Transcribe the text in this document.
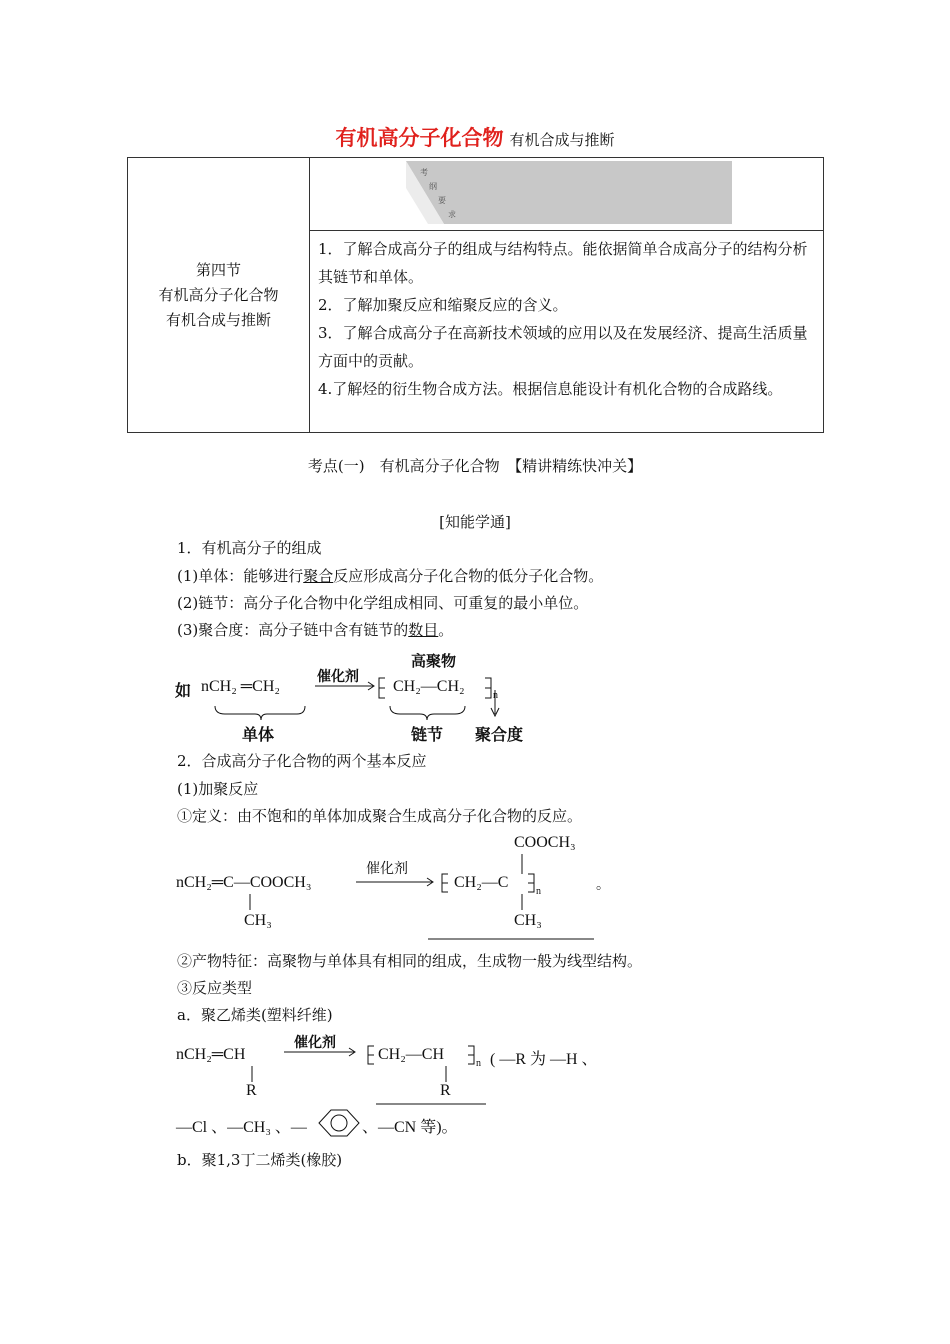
有机高分子化合物 有机合成与推断
第四节
有机高分子化合物
有机合成与推断

考
纲
要
求

1．了解合成高分子的组成与结构特点。能依据简单合成高分子的结构分析其链节和单体。
2．了解加聚反应和缩聚反应的含义。
3．了解合成高分子在高新技术领域的应用以及在发展经济、提高生活质量方面中的贡献。
4.了解烃的衍生物合成方法。根据信息能设计有机化合物的合成路线。
考点(一)　有机高分子化合物　【精讲精练快冲关】
[知能学通]
1．有机高分子的组成
(1)单体：能够进行聚合反应形成高分子化合物的低分子化合物。
(2)链节：高分子化合物中化学组成相同、可重复的最小单位。
(3)聚合度：高分子链中含有链节的数目。
如 nCH₂ ═CH₂
催化剂
CH₂—CH₂
n
高聚物
单体	链节 聚合度
2．合成高分子化合物的两个基本反应
(1)加聚反应
①定义：由不饱和的单体加成聚合生成高分子化合物的反应。
nCH₂═C—COOCH₃
CH₃
催化剂
CH₂—C
COOCH₃
CH₃
n	。
②产物特征：高聚物与单体具有相同的组成，生成物一般为线型结构。
③反应类型
a．聚乙烯类(塑料纤维)
nCH₂═CH
R
催化剂
CH₂—CH
R
n ( —R 为 —H 、
—Cl 、—CH₃ 、—	、—CN 等)。
b．聚1,3丁二烯类(橡胶)
